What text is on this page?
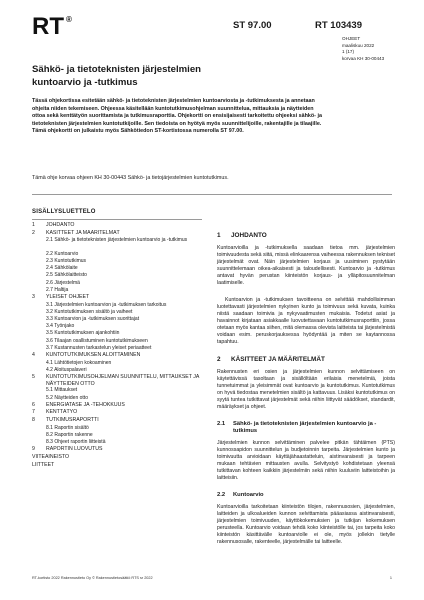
RT ®
ST 97.00	RT 103439
OHJEET
maaliskuu 2022
1 (17)
korvaa KH 30-00443
Sähkö- ja tietoteknisten järjestelmien
kuntoarvio ja -tutkimus

Tässä ohjekortissa esitetään sähkö- ja tietoteknisten järjestelmien kuntoarviosta ja -tutkimuksesta ja annetaan ohjeita niiden tekemiseen. Ohjeessa käsitellään kuntotutkimusohjelman suunnittelua, mittauksia ja näytteiden ottoa sekä kenttätyön suorittamista ja tutkimusraporttia. Ohjekortti on ensisijaisesti tarkoitettu ohjeeksi sähkö- ja tietoteknisten järjestelmien kuntotutkijoille. Sen tiedoista on hyötyä myös suunnittelijoille, rakentajille ja tilaajille. Tämä ohjekortti on julkaistu myös Sähkötiedon ST-kortistossa numerolla ST 97.00.

Tämä ohje korvaa ohjeen KH 30-00443 Sähkö- ja tietojärjestelmien kuntotutkimus.

SISÄLLYSLUETTELO
1	JOHDANTO
2	KÄSITTEET JA MÄÄRITELMÄT
2.1 Sähkö- ja tietoteknisten järjestelmien kuntoarvio ja -tutkimus
2.2 Kuntoarvio
2.3 Kuntotutkimus
2.4 Sähkölaite
2.5 Sähkölaitteisto
2.6 Järjestelmä
2.7 Haltija
3	YLEISET OHJEET
3.1 Järjestelmien kuntoarvion ja -tutkimuksen tarkoitus
3.2 Kuntotutkimuksen sisältö ja vaiheet
3.3 Kuntoarvion ja -tutkimuksen suorittajat
3.4 Työnjako
3.5 Kuntotutkimuksen ajankohtiin
3.6 Tilaajan osallistuminen kuntotutkimukseen
3.7 Kustannusten tarkastelun yleiset periaatteet
4	KUNTOTUTKIMUKSEN ALOITTAMINEN
4.1 Lähtötietojen kokoaminen
4.2 Aloituspalaveri
5	KUNTOTUTKIMUSOHJELMAN SUUNNITTELU, MITTAUKSET JA NÄYTTEIDEN OTTO
5.1 Mittaukset
5.2 Näytteiden otto
6	ENERGIATASE JA -TEHOKKUUS
7	KENTTÄTYÖ
8	TUTKIMUSRAPORTTI
8.1 Raportin sisältö
8.2 Raportin rakenne
8.3 Ohjeet raportin liitteistä
9	RAPORTIN LUOVUTUS
VIITEAINEISTO
LIITTEET
1	JOHDANTO

Kuntoarvioilla ja -tutkimuksella saadaan tietoa mm. järjestelmien toimivuudesta sekä siitä, missä elinkaarensa vaiheessa rakennuksen tekniset järjestelmät ovat. Näin järjestelmien korjaus ja uusiminen pystytään suunnittelemaan oikea-aikaisesti ja taloudellisesti. Kuntoarvio ja -tutkimus antavat hyvän perustan kiinteistön korjaus- ja ylläpitosuunnitelman laatimiselle.

Kuntoarvion ja -tutkimuksen tavoitteena on selvittää mahdollisimman luotettavasti järjestelmien nykyinen kunto ja toimivuus sekä kuvata, kuinka niistä saadaan toimivia ja nykyvaatimusten mukaisia. Todetut asiat ja havainnot kirjataan asiakkaalle luovutettavaan kuntotutkimusraporttiin, jossa otetaan myös kantaa siihen, mitä olemassa olevista laitteista tai järjestelmistä voidaan esim. peruskorjauksessa hyödyntää ja miten se kaytannossa tapahtuu.

2	KÄSITTEET JA MÄÄRITELMÄT

Rakennusten eri osien ja järjestelmien kunnon selvittämiseen on käytettävissä tasoltaan ja sisällöltään erilaisia menetelmiä, joista tunnetuimmat ja yleisimmät ovat kuntoarvio ja kuntotutkimus. Kuntotutkimus on hyvä tiedostaa menetelmien sisältö ja kattavuus. Lisäksi kuntotutkimus on syytä tuntea tutkittavat järjestelmät sekä niihin liittyvät säädökset, standardit, määräykset ja ohjeet.

2.1	Sähkö- ja tietoteknisten järjestelmien kuntoarvio ja -tutkimus

Järjestelmien kunnon selvittäminen palvelee pitkän tähtäimen (PTS) kunnossapidon suunnittelun ja budjetoinnin tarpeita. Järjestelmien kunto ja toimivuutta arvioidaan käyttäjähaastatteluin, aistinvaraisesti ja tarpeen mukaan tehtävien mittausten avulla. Selvitystyö kohdistetaan yleensä tutkittavan kohteen kaikkiin järjestelmiin sekä niihin kuuluviin laitteistoihin ja laitteisiin.

2.2	Kuntoarvio

Kuntoarvioilla tarkoitetaan kiinteistön tilojen, rakennusosien, järjestelmien, laitteiden ja ulkoalueiden kunnon selvittamista pääasiassa aistinvaraisesti, järjestelmien toimivuuden, käyttökokemuksien ja tutkijan kokemuksen perusteella. Kuntoarvio voidaan tehdä koko kiinteistölle tai, jos tarpeita koko kiinteistön käsittävälle kuntoarviolle ei ole, myös jollekin tietylle rakennusosalle, rakenteelle, järjestelmälle tai laitteelle.

RT-kortisto 2022 Rakennustieto Oy © Rakennustietosäätiö RTS sr 2022	1
